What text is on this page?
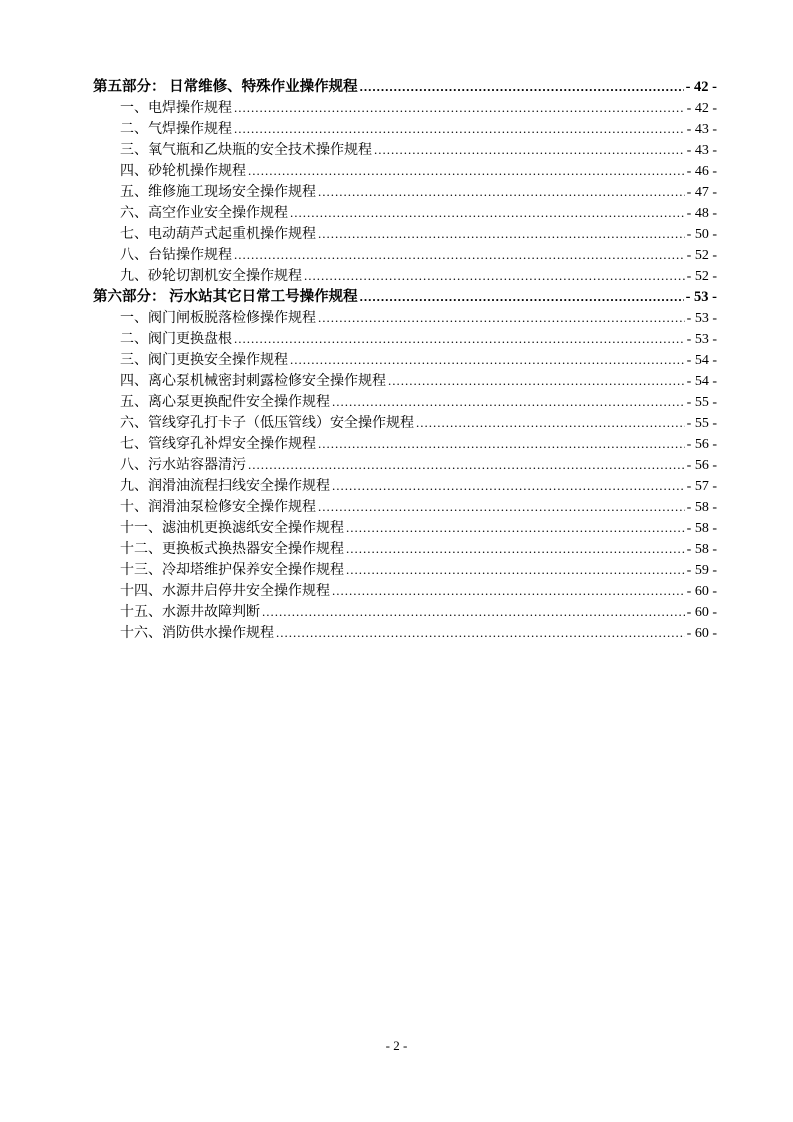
第五部分： 日常维修、特殊作业操作规程 .....	- 42 -
一、电焊操作规程 .....	- 42 -
二、气焊操作规程 .....	- 43 -
三、氧气瓶和乙炔瓶的安全技术操作规程 .....	- 43 -
四、砂轮机操作规程 .....	- 46 -
五、维修施工现场安全操作规程 .....	- 47 -
六、高空作业安全操作规程 .....	- 48 -
七、电动葫芦式起重机操作规程 .....	- 50 -
八、台钻操作规程 .....	- 52 -
九、砂轮切割机安全操作规程 .....	- 52 -
第六部分： 污水站其它日常工号操作规程 .....	- 53 -
一、阀门闸板脱落检修操作规程 .....	- 53 -
二、阀门更换盘根 .....	- 53 -
三、阀门更换安全操作规程 .....	- 54 -
四、离心泵机械密封刺露检修安全操作规程 .....	- 54 -
五、离心泵更换配件安全操作规程 .....	- 55 -
六、管线穿孔打卡子（低压管线）安全操作规程 .....	- 55 -
七、管线穿孔补焊安全操作规程 .....	- 56 -
八、污水站容器清污 .....	- 56 -
九、润滑油流程扫线安全操作规程 .....	- 57 -
十、润滑油泵检修安全操作规程 .....	- 58 -
十一、滤油机更换滤纸安全操作规程 .....	- 58 -
十二、更换板式换热器安全操作规程 .....	- 58 -
十三、冷却塔维护保养安全操作规程 .....	- 59 -
十四、水源井启停井安全操作规程 .....	- 60 -
十五、水源井故障判断 .....	- 60 -
十六、消防供水操作规程 .....	- 60 -
- 2 -
